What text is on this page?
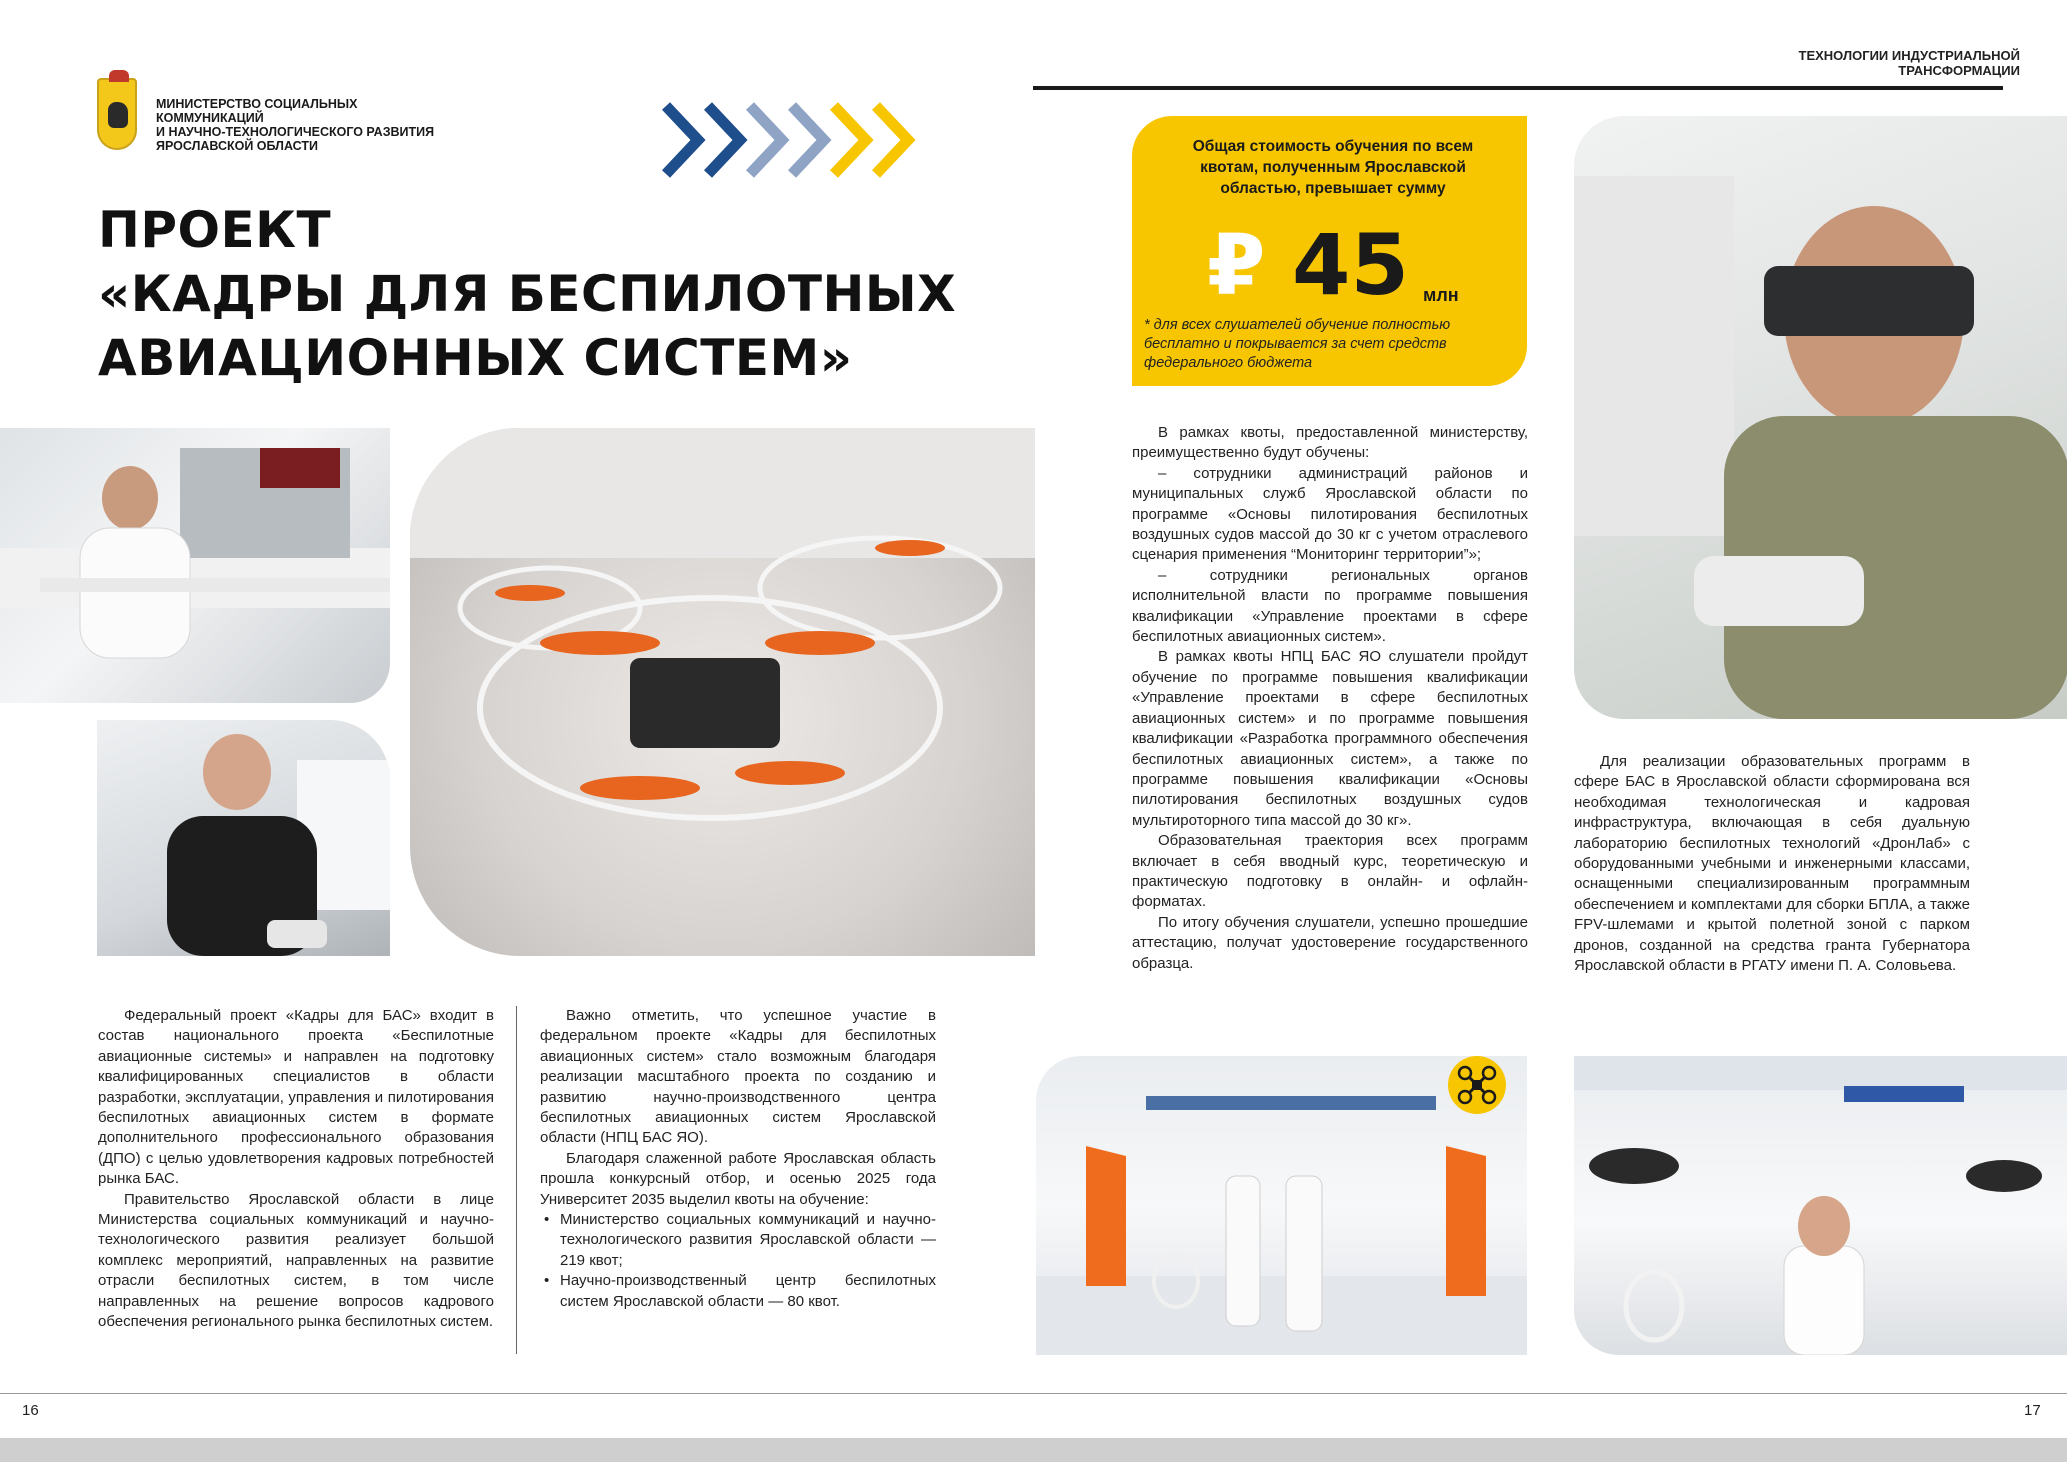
МИНИСТЕРСТВО СОЦИАЛЬНЫХ КОММУНИКАЦИЙ
И НАУЧНО-ТЕХНОЛОГИЧЕСКОГО РАЗВИТИЯ
ЯРОСЛАВСКОЙ ОБЛАСТИ
ПРОЕКТ
«КАДРЫ ДЛЯ БЕСПИЛОТНЫХ
АВИАЦИОННЫХ СИСТЕМ»
Общая стоимость обучения по всем квотам, полученным Ярославской областью, превышает сумму
₽ 45 млн
* для всех слушателей обучение полностью бесплатно и покрывается за счет средств федерального бюджета
ТЕХНОЛОГИИ ИНДУСТРИАЛЬНОЙ ТРАНСФОРМАЦИИ

Федеральный проект «Кадры для БАС» входит в состав национального проекта «Беспилотные авиационные системы» и направлен на подготовку квалифицированных специалистов в области разработки, эксплуатации, управления и пилотирования беспилотных авиационных систем в формате дополнительного профессионального образования (ДПО) с целью удовлетворения кадровых потребностей рынка БАС.

Правительство Ярославской области в лице Министерства социальных коммуникаций и научно-технологического развития реализует большой комплекс мероприятий, направленных на развитие отрасли беспилотных систем, в том числе направленных на решение вопросов кадрового обеспечения регионального рынка беспилотных систем.

Важно отметить, что успешное участие в федеральном проекте «Кадры для беспилотных авиационных систем» стало возможным благодаря реализации масштабного проекта по созданию и развитию научно-производственного центра беспилотных авиационных систем Ярославской области (НПЦ БАС ЯО).

Благодаря слаженной работе Ярославская область прошла конкурсный отбор, и осенью 2025 года Университет 2035 выделил квоты на обучение:

• Министерство социальных коммуникаций и научно-технологического развития Ярославской области — 219 квот;
• Научно-производственный центр беспилотных систем Ярославской области — 80 квот.

В рамках квоты, предоставленной министерству, преимущественно будут обучены:

– сотрудники администраций районов и муниципальных служб Ярославской области по программе «Основы пилотирования беспилотных воздушных судов массой до 30 кг с учетом отраслевого сценария применения “Мониторинг территории”»;

– сотрудники региональных органов исполнительной власти по программе повышения квалификации «Управление проектами в сфере беспилотных авиационных систем».

В рамках квоты НПЦ БАС ЯО слушатели пройдут обучение по программе повышения квалификации «Управление проектами в сфере беспилотных авиационных систем» и по программе повышения квалификации «Разработка программного обеспечения беспилотных авиационных систем», а также по программе повышения квалификации «Основы пилотирования беспилотных воздушных судов мультироторного типа массой до 30 кг».

Образовательная траектория всех программ включает в себя вводный курс, теоретическую и практическую подготовку в онлайн- и офлайн-форматах.

По итогу обучения слушатели, успешно прошедшие аттестацию, получат удостоверение государственного образца.

Для реализации образовательных программ в сфере БАС в Ярославской области сформирована вся необходимая технологическая и кадровая инфраструктура, включающая в себя дуальную лабораторию беспилотных технологий «ДронЛаб» с оборудованными учебными и инженерными классами, оснащенными специализированным программным обеспечением и комплектами для сборки БПЛА, а также FPV-шлемами и крытой полетной зоной с парком дронов, созданной на средства гранта Губернатора Ярославской области в РГАТУ имени П. А. Соловьева.

16	17
